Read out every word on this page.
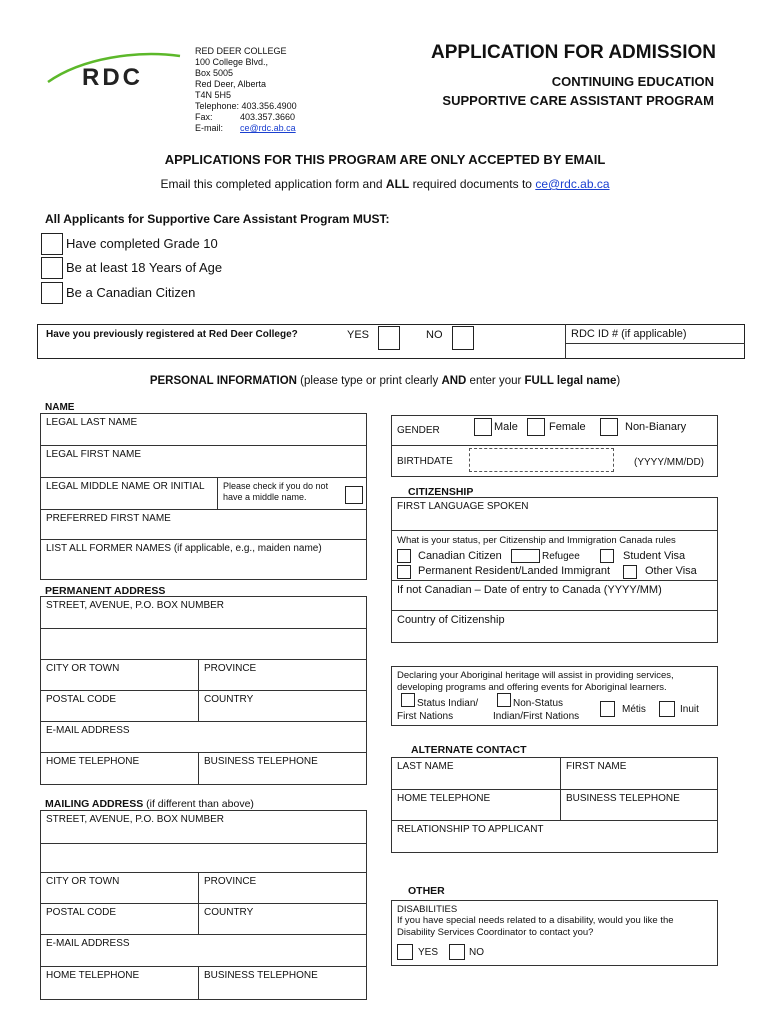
RDC
RED DEER COLLEGE
100 College Blvd.,
Box 5005
Red Deer, Alberta
T4N 5H5
Telephone: 403.356.4900
Fax:	403.357.3660
E-mail: ce@rdc.ab.ca
APPLICATION FOR ADMISSION
CONTINUING EDUCATION
SUPPORTIVE CARE ASSISTANT PROGRAM
APPLICATIONS FOR THIS PROGRAM ARE ONLY ACCEPTED BY EMAIL
Email this completed application form and ALL required documents to ce@rdc.ab.ca
All Applicants for Supportive Care Assistant Program MUST:
Have completed Grade 10
Be at least 18 Years of Age
Be a Canadian Citizen
Have you previously registered at Red Deer College?	YES	NO	RDC ID # (if applicable)
PERSONAL INFORMATION (please type or print clearly AND enter your FULL legal name)
NAME
LEGAL LAST NAME
LEGAL FIRST NAME
LEGAL MIDDLE NAME OR INITIAL	Please check if you do not have a middle name.
PREFERRED FIRST NAME
LIST ALL FORMER NAMES (if applicable, e.g., maiden name)
GENDER	Male	Female	Non-Bianary
BIRTHDATE	(YYYY/MM/DD)
CITIZENSHIP
FIRST LANGUAGE SPOKEN
What is your status, per Citizenship and Immigration Canada rules
Canadian Citizen	Refugee	Student Visa
Permanent Resident/Landed Immigrant	Other Visa
If not Canadian – Date of entry to Canada (YYYY/MM)
Country of Citizenship
Declaring your Aboriginal heritage will assist in providing services, developing programs and offering events for Aboriginal learners.
Status Indian/
First Nations
Non-Status
Indian/First Nations
Métis	Inuit
PERMANENT ADDRESS
STREET, AVENUE, P.O. BOX NUMBER
CITY OR TOWN	PROVINCE
POSTAL CODE	COUNTRY
E-MAIL ADDRESS
HOME TELEPHONE	BUSINESS TELEPHONE
ALTERNATE CONTACT
LAST NAME	FIRST NAME
HOME TELEPHONE	BUSINESS TELEPHONE
RELATIONSHIP TO APPLICANT
MAILING ADDRESS (if different than above)
STREET, AVENUE, P.O. BOX NUMBER
CITY OR TOWN	PROVINCE
POSTAL CODE	COUNTRY
E-MAIL ADDRESS
HOME TELEPHONE	BUSINESS TELEPHONE
OTHER
DISABILITIES
If you have special needs related to a disability, would you like the Disability Services Coordinator to contact you?
YES	NO
